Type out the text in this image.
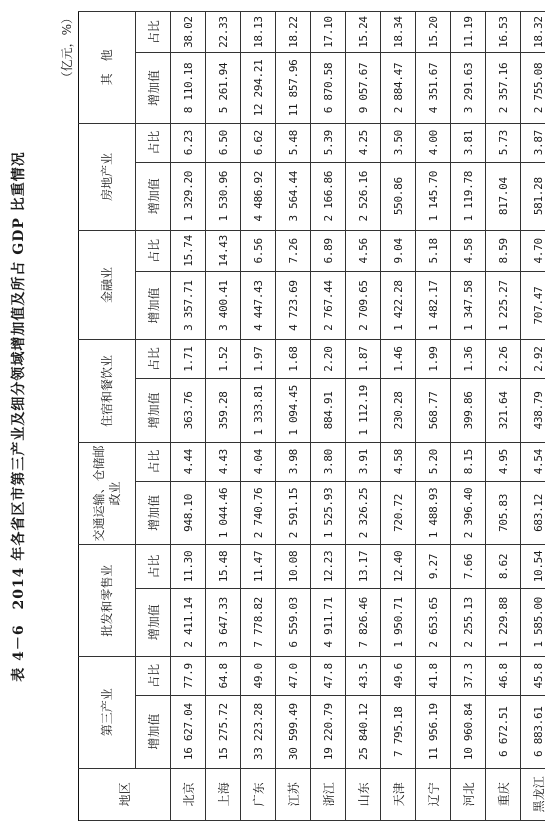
表 4－6　2014 年各省区市第三产业及细分领域增加值及所占 GDP 比重情况
（亿元，%）
地区	第三产业		批发和零售业		交通运输、仓储邮政业		住宿和餐饮业		金融业		房地产业		其　他	
	增加值	占比	增加值	占比	增加值	占比	增加值	占比	增加值	占比	增加值	占比	增加值	占比
北京	16 627.04	77.9	2 411.14	11.30	948.10	4.44	363.76	1.71	3 357.71	15.74	1 329.20	6.23	8 110.18	38.02
上海	15 275.72	64.8	3 647.33	15.48	1 044.46	4.43	359.28	1.52	3 400.41	14.43	1 530.96	6.50	5 261.94	22.33
广东	33 223.28	49.0	7 778.82	11.47	2 740.76	4.04	1 333.81	1.97	4 447.43	6.56	4 486.92	6.62	12 294.21	18.13
江苏	30 599.49	47.0	6 559.03	10.08	2 591.15	3.98	1 094.45	1.68	4 723.69	7.26	3 564.44	5.48	11 857.96	18.22
浙江	19 220.79	47.8	4 911.71	12.23	1 525.93	3.80	884.91	2.20	2 767.44	6.89	2 166.86	5.39	6 870.58	17.10
山东	25 840.12	43.5	7 826.46	13.17	2 326.25	3.91	1 112.19	1.87	2 709.65	4.56	2 526.16	4.25	9 057.67	15.24
天津	7 795.18	49.6	1 950.71	12.40	720.72	4.58	230.28	1.46	1 422.28	9.04	550.86	3.50	2 884.47	18.34
辽宁	11 956.19	41.8	2 653.65	9.27	1 488.93	5.20	568.77	1.99	1 482.17	5.18	1 145.70	4.00	4 351.67	15.20
河北	10 960.84	37.3	2 255.13	7.66	2 396.40	8.15	399.86	1.36	1 347.58	4.58	1 119.78	3.81	3 291.63	11.19
重庆	6 672.51	46.8	1 229.88	8.62	705.83	4.95	321.64	2.26	1 225.27	8.59	817.04	5.73	2 357.16	16.53
黑龙江	6 883.61	45.8	1 585.00	10.54	683.12	4.54	438.79	2.92	707.47	4.70	581.28	3.87	2 755.08	18.32
